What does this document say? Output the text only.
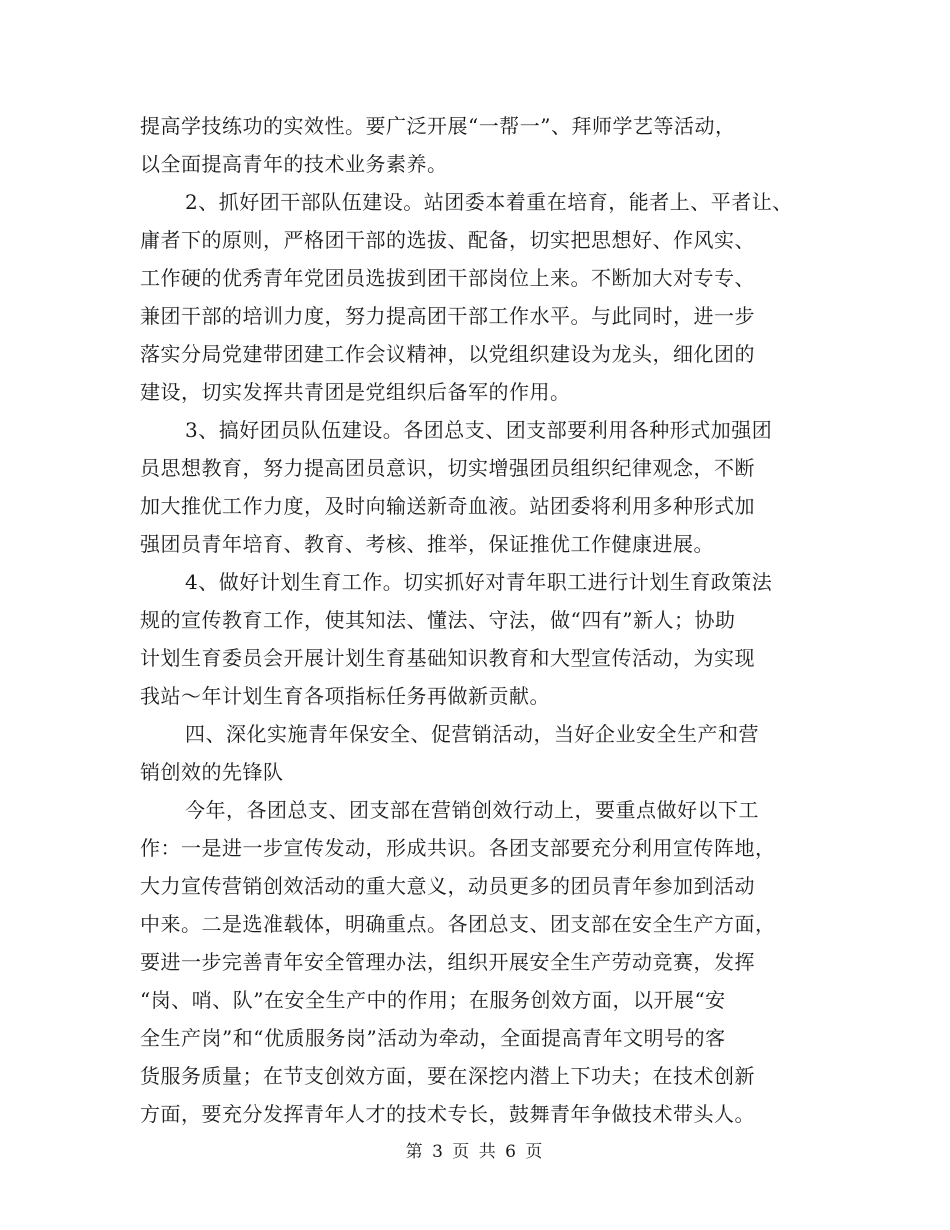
提高学技练功的实效性。要广泛开展“一帮一”、拜师学艺等活动，
以全面提高青年的技术业务素养。
2、抓好团干部队伍建设。站团委本着重在培育，能者上、平者让、
庸者下的原则，严格团干部的选拔、配备，切实把思想好、作风实、
工作硬的优秀青年党团员选拔到团干部岗位上来。不断加大对专专、
兼团干部的培训力度，努力提高团干部工作水平。与此同时，进一步
落实分局党建带团建工作会议精神，以党组织建设为龙头，细化团的
建设，切实发挥共青团是党组织后备军的作用。
3、搞好团员队伍建设。各团总支、团支部要利用各种形式加强团
员思想教育，努力提高团员意识，切实增强团员组织纪律观念，不断
加大推优工作力度，及时向输送新奇血液。站团委将利用多种形式加
强团员青年培育、教育、考核、推举，保证推优工作健康进展。
4、做好计划生育工作。切实抓好对青年职工进行计划生育政策法
规的宣传教育工作，使其知法、懂法、守法，做“四有”新人；协助
计划生育委员会开展计划生育基础知识教育和大型宣传活动，为实现
我站～年计划生育各项指标任务再做新贡献。
四、深化实施青年保安全、促营销活动，当好企业安全生产和营
销创效的先锋队
今年，各团总支、团支部在营销创效行动上，要重点做好以下工
作：一是进一步宣传发动，形成共识。各团支部要充分利用宣传阵地，
大力宣传营销创效活动的重大意义，动员更多的团员青年参加到活动
中来。二是选准载体，明确重点。各团总支、团支部在安全生产方面，
要进一步完善青年安全管理办法，组织开展安全生产劳动竞赛，发挥
“岗、哨、队”在安全生产中的作用；在服务创效方面，以开展“安
全生产岗”和“优质服务岗”活动为牵动，全面提高青年文明号的客
货服务质量；在节支创效方面，要在深挖内潜上下功夫；在技术创新
方面，要充分发挥青年人才的技术专长，鼓舞青年争做技术带头人。
第 3 页 共 6 页
